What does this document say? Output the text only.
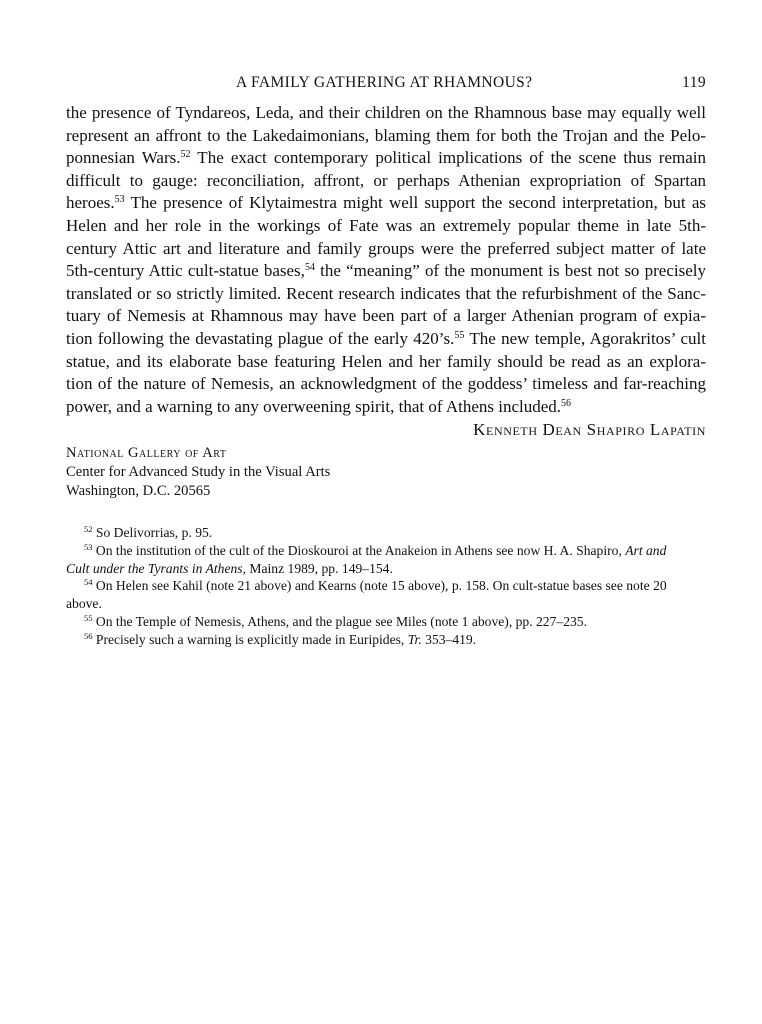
A FAMILY GATHERING AT RHAMNOUS?	119
the presence of Tyndareos, Leda, and their children on the Rhamnous base may equally well
represent an affront to the Lakedaimonians, blaming them for both the Trojan and the Pelo-
ponnesian Wars.$^{52}$ The exact contemporary political implications of the scene thus remain
difficult to gauge: reconciliation, affront, or perhaps Athenian expropriation of Spartan
heroes.$^{53}$ The presence of Klytaimestra might well support the second interpretation, but as
Helen and her role in the workings of Fate was an extremely popular theme in late 5th-
century Attic art and literature and family groups were the preferred subject matter of late
5th-century Attic cult-statue bases,$^{54}$ the “meaning” of the monument is best not so precisely
translated or so strictly limited. Recent research indicates that the refurbishment of the Sanc-
tuary of Nemesis at Rhamnous may have been part of a larger Athenian program of expia-
tion following the devastating plague of the early 420’s.$^{55}$ The new temple, Agorakritos’ cult
statue, and its elaborate base featuring Helen and her family should be read as an explora-
tion of the nature of Nemesis, an acknowledgment of the goddess’ timeless and far-reaching
power, and a warning to any overweening spirit, that of Athens included.$^{56}$
Kenneth Dean Shapiro Lapatin
National Gallery of Art
Center for Advanced Study in the Visual Arts
Washington, D.C. 20565
$^{52}$ So Delivorrias, p. 95.
$^{53}$ On the institution of the cult of the Dioskouroi at the Anakeion in Athens see now H. A. Shapiro, Art and
Cult under the Tyrants in Athens, Mainz 1989, pp. 149–154.
$^{54}$ On Helen see Kahil (note 21 above) and Kearns (note 15 above), p. 158. On cult-statue bases see note 20
above.
$^{55}$ On the Temple of Nemesis, Athens, and the plague see Miles (note 1 above), pp. 227–235.
$^{56}$ Precisely such a warning is explicitly made in Euripides, Tr. 353–419.
